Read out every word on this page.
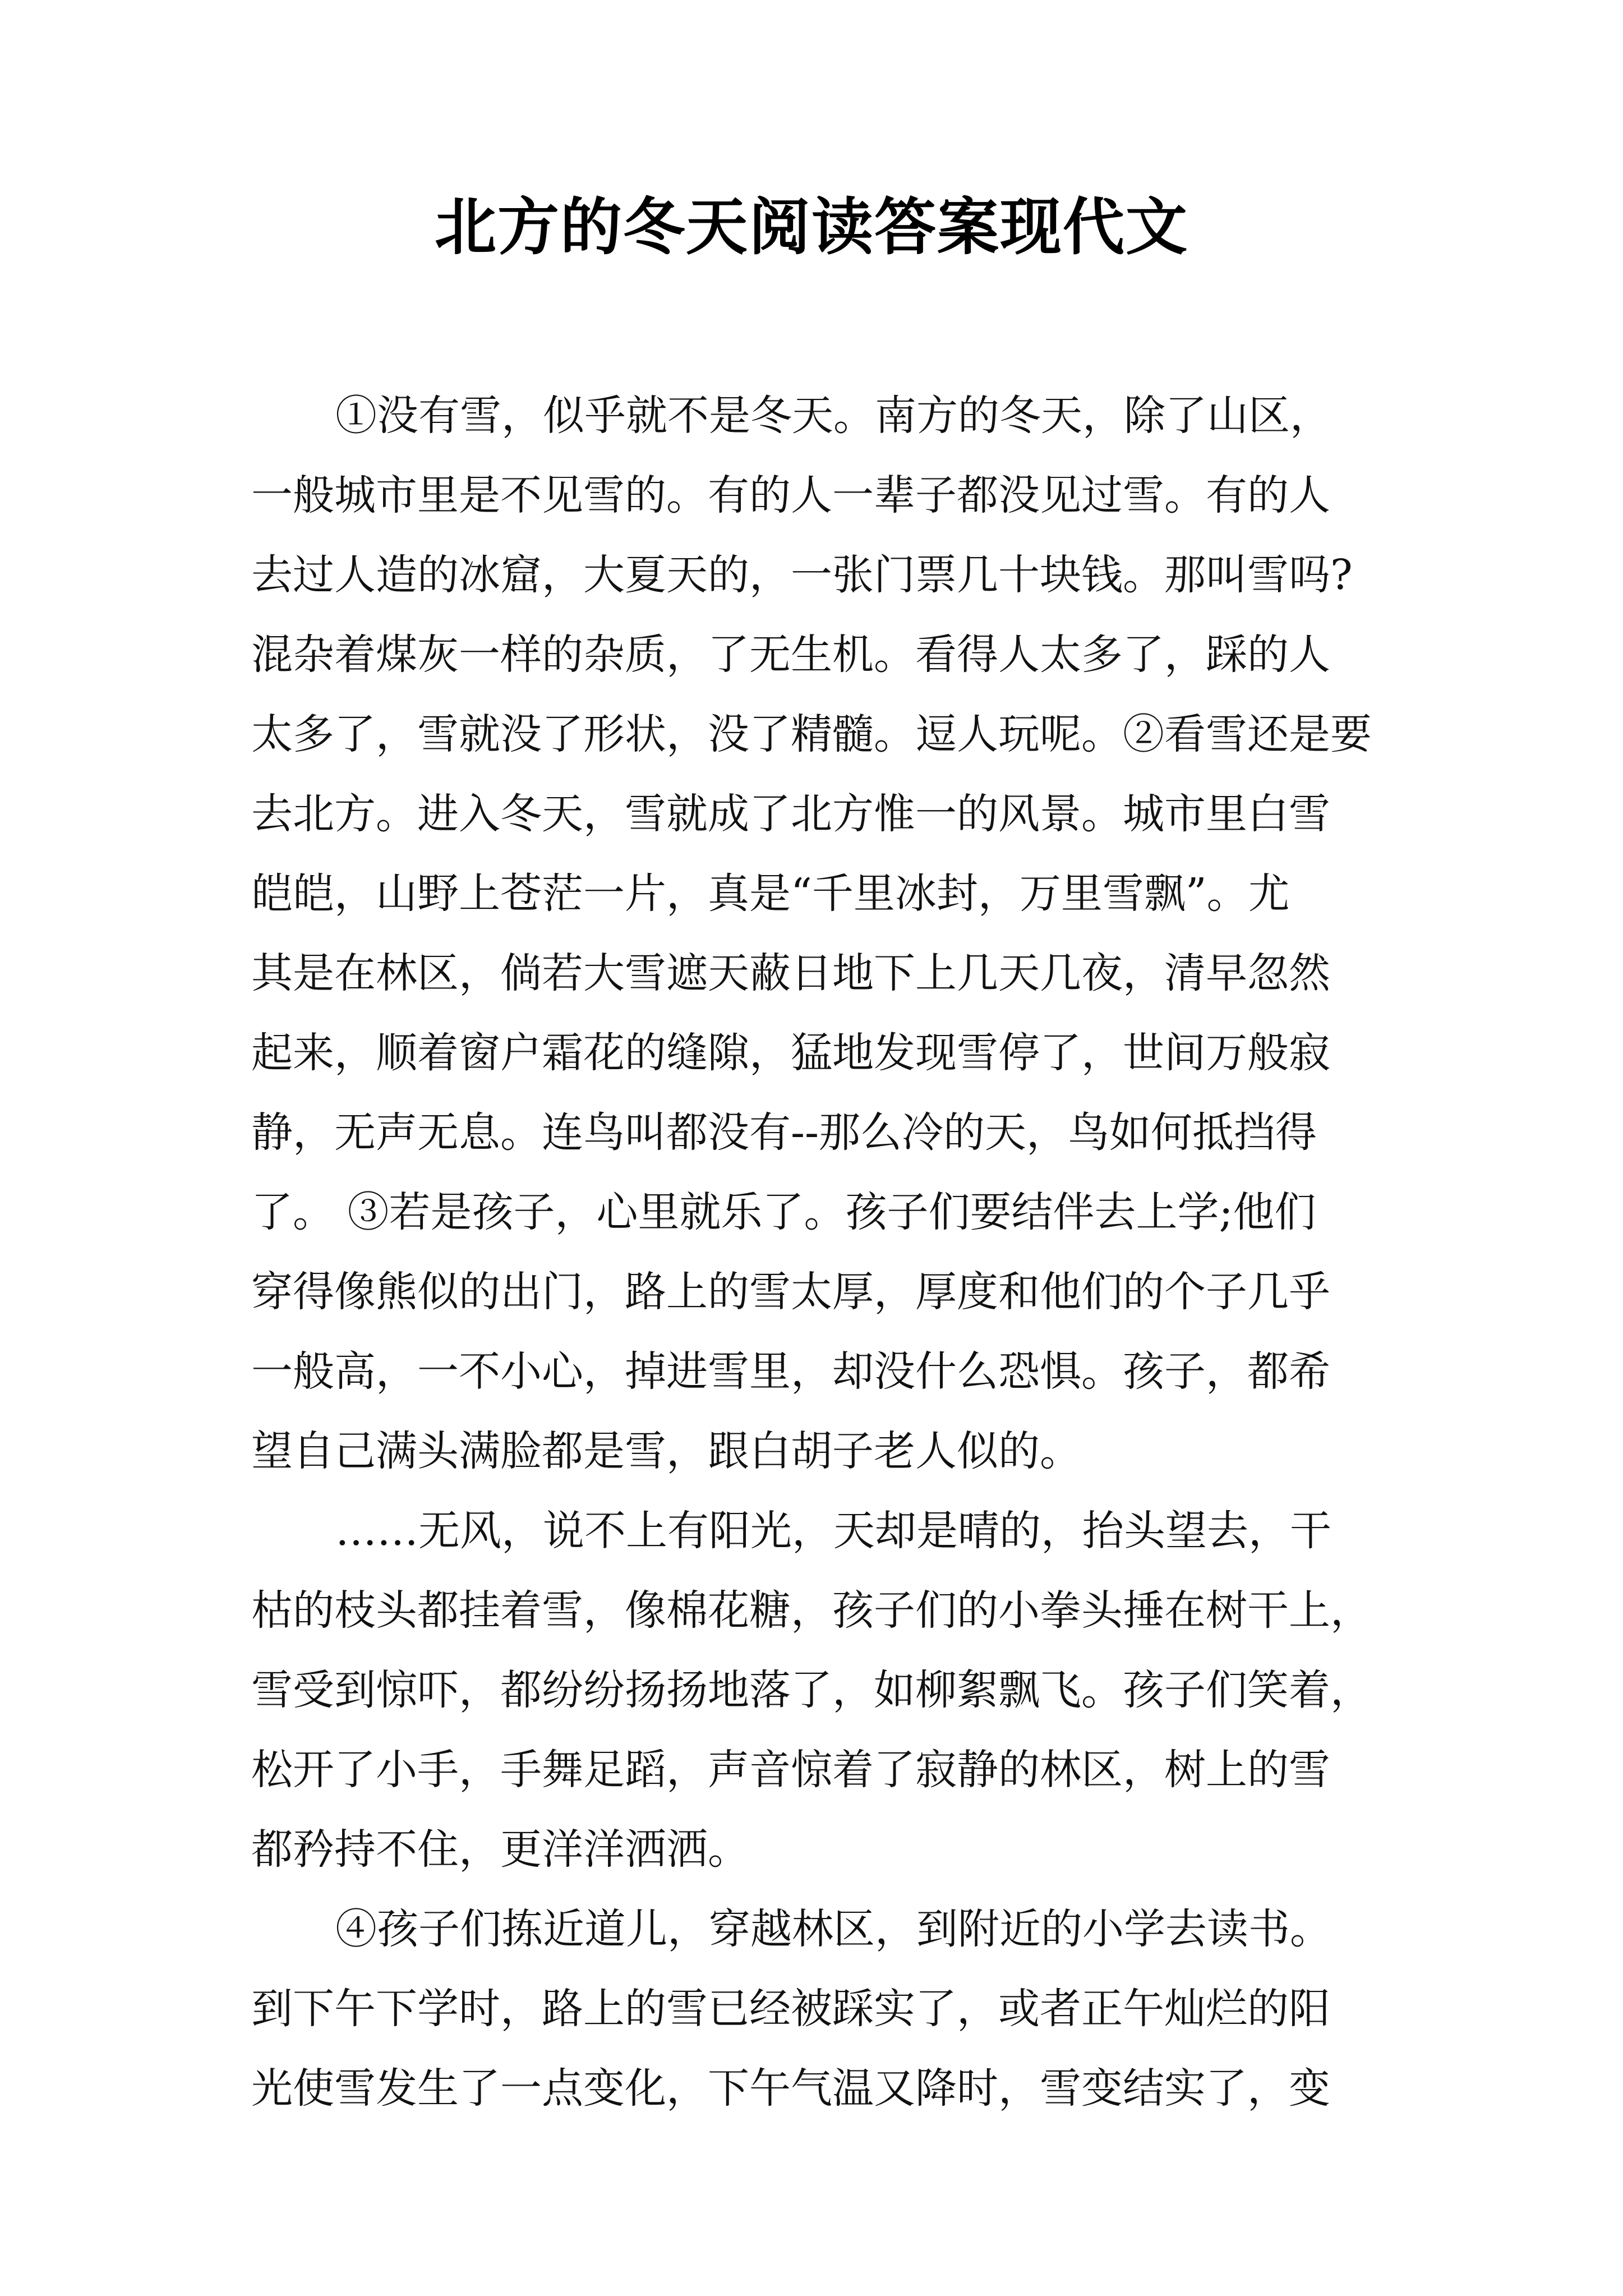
北方的冬天阅读答案现代文
①没有雪，似乎就不是冬天。南方的冬天，除了山区，
一般城市里是不见雪的。有的人一辈子都没见过雪。有的人
去过人造的冰窟，大夏天的，一张门票几十块钱。那叫雪吗?
混杂着煤灰一样的杂质，了无生机。看得人太多了，踩的人
太多了，雪就没了形状，没了精髓。逗人玩呢。②看雪还是要
去北方。进入冬天，雪就成了北方惟一的风景。城市里白雪
皑皑，山野上苍茫一片，真是“千里冰封，万里雪飘”。尤
其是在林区，倘若大雪遮天蔽日地下上几天几夜，清早忽然
起来，顺着窗户霜花的缝隙，猛地发现雪停了，世间万般寂
静，无声无息。连鸟叫都没有--那么冷的天，鸟如何抵挡得
了。 ③若是孩子，心里就乐了。孩子们要结伴去上学;他们
穿得像熊似的出门，路上的雪太厚，厚度和他们的个子几乎
一般高，一不小心，掉进雪里，却没什么恐惧。孩子，都希
望自己满头满脸都是雪，跟白胡子老人似的。
……无风，说不上有阳光，天却是晴的，抬头望去，干
枯的枝头都挂着雪，像棉花糖，孩子们的小拳头捶在树干上，
雪受到惊吓，都纷纷扬扬地落了，如柳絮飘飞。孩子们笑着，
松开了小手，手舞足蹈，声音惊着了寂静的林区，树上的雪
都矜持不住，更洋洋洒洒。
④孩子们拣近道儿，穿越林区，到附近的小学去读书。
到下午下学时，路上的雪已经被踩实了，或者正午灿烂的阳
光使雪发生了一点变化，下午气温又降时，雪变结实了，变
